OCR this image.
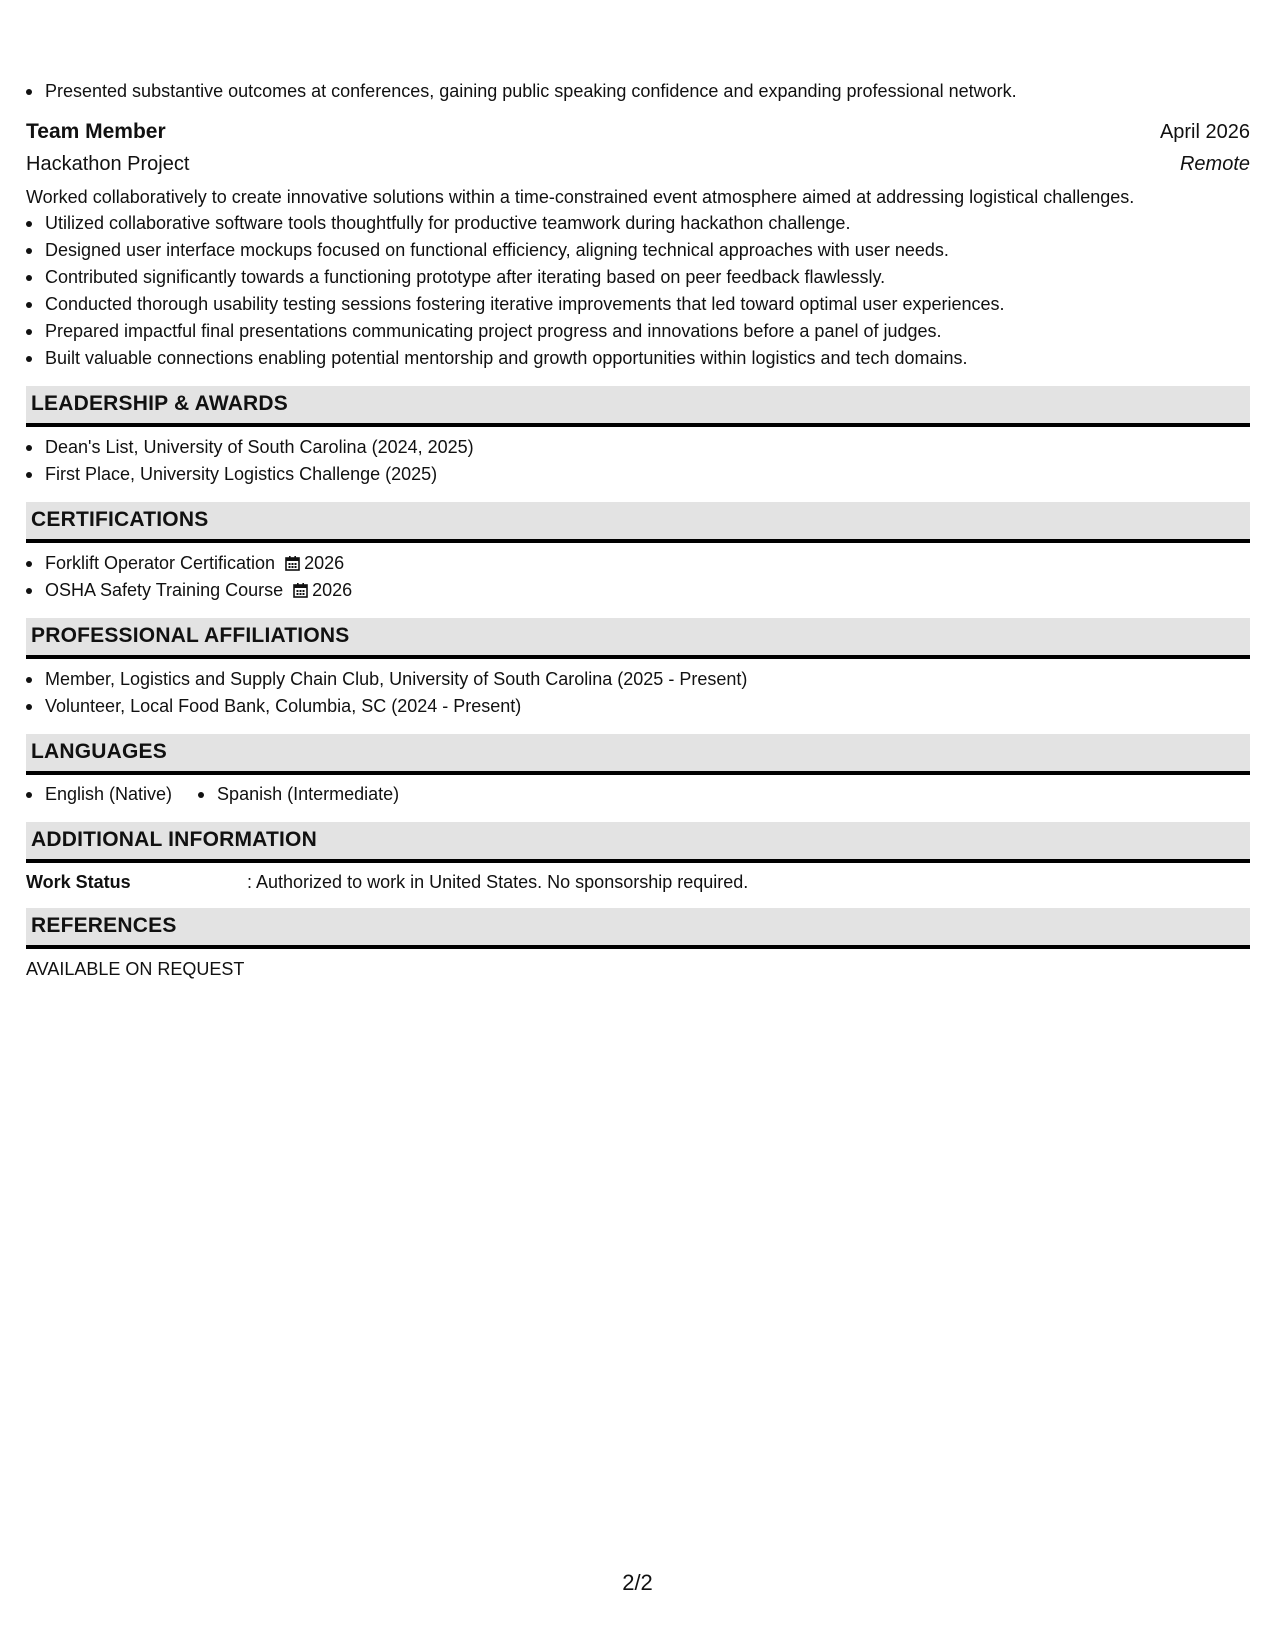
Presented substantive outcomes at conferences, gaining public speaking confidence and expanding professional network.
Team Member	April 2026
Hackathon Project	Remote
Worked collaboratively to create innovative solutions within a time-constrained event atmosphere aimed at addressing logistical challenges.
Utilized collaborative software tools thoughtfully for productive teamwork during hackathon challenge.
Designed user interface mockups focused on functional efficiency, aligning technical approaches with user needs.
Contributed significantly towards a functioning prototype after iterating based on peer feedback flawlessly.
Conducted thorough usability testing sessions fostering iterative improvements that led toward optimal user experiences.
Prepared impactful final presentations communicating project progress and innovations before a panel of judges.
Built valuable connections enabling potential mentorship and growth opportunities within logistics and tech domains.
LEADERSHIP & AWARDS
Dean's List, University of South Carolina (2024, 2025)
First Place, University Logistics Challenge (2025)
CERTIFICATIONS
Forklift Operator Certification 2026
OSHA Safety Training Course 2026
PROFESSIONAL AFFILIATIONS
Member, Logistics and Supply Chain Club, University of South Carolina (2025 - Present)
Volunteer, Local Food Bank, Columbia, SC (2024 - Present)
LANGUAGES
English (Native)	Spanish (Intermediate)
ADDITIONAL INFORMATION
Work Status	: Authorized to work in United States. No sponsorship required.
REFERENCES
AVAILABLE ON REQUEST
2/2
